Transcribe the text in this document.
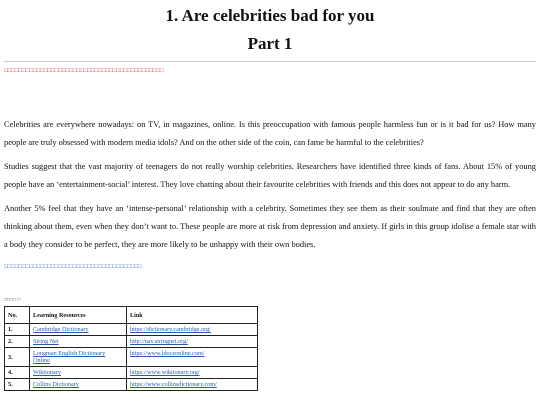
1. Are celebrities bad for you
Part 1
□□□□□□□□□□□□□□□□□□□□□□□□□□□□□□□□□□□□□□□□□□□□

Celebrities are everywhere nowadays: on TV, in magazines, online. Is this preoccupation with famous people harmless fun or is it bad for us? How many people are truly obsessed with modern media idols? And on the other side of the coin, can fame be harmful to the celebrities?

Studies suggest that the vast majority of teenagers do not really worship celebrities. Researchers have identified three kinds of fans. About 15% of young people have an ‘entertainment-social’ interest. They love chatting about their favourite celebrities with friends and this does not appear to do any harm.

Another 5% feel that they have an ‘intense-personal’ relationship with a celebrity. Sometimes they see them as their soulmate and find that they are often thinking about them, even when they don’t want to. These people are more at risk from depression and anxiety. If girls in this group idolise a female star with a body they consider to be perfect, they are more likely to be unhappy with their own bodies.

□□□□□□□□□□□□□□□□□□□□□□□□□□□□□□□□□□□□□□
□□□□ □
No.	Learning Resources	Link
1.	Cambridge Dictionary	https://dictionary.cambridge.org/
2.	String Net	http://nav.stringnet.org/
3.	Longman English Dictionary Online	https://www.ldoceonline.com/
4.	Wiktionary	https://www.wiktionary.org/
5.	Collins Dictionary	https://www.collinsdictionary.com/
